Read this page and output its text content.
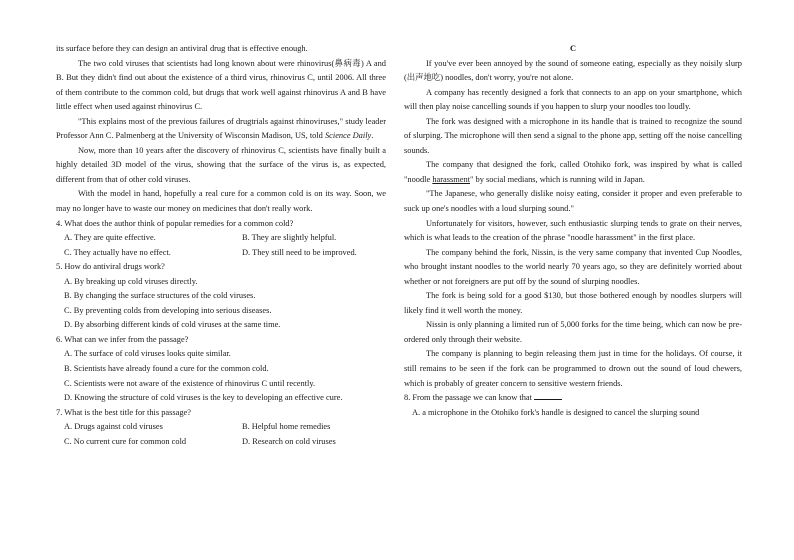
its surface before they can design an antiviral drug that is effective enough.

The two cold viruses that scientists had long known about were rhinovirus(鼻病毒) A and B. But they didn't find out about the existence of a third virus, rhinovirus C, until 2006. All three of them contribute to the common cold, but drugs that work well against rhinovirus A and B have little effect when used against rhinovirus C.

"This explains most of the previous failures of drugtrials against rhinoviruses," study leader Professor Ann C. Palmenberg at the University of Wisconsin Madison, US, told Science Daily.

Now, more than 10 years after the discovery of rhinovirus C, scientists have finally built a highly detailed 3D model of the virus, showing that the surface of the virus is, as expected, different from that of other cold viruses.

With the model in hand, hopefully a real cure for a common cold is on its way. Soon, we may no longer have to waste our money on medicines that don't really work.

4. What does the author think of popular remedies for a common cold?

A. They are quite effective.	B. They are slightly helpful.

C. They actually have no effect.	D. They still need to be improved.

5. How do antiviral drugs work?

A. By breaking up cold viruses directly.

B. By changing the surface structures of the cold viruses.

C. By preventing colds from developing into serious diseases.

D. By absorbing different kinds of cold viruses at the same time.

6. What can we infer from the passage?

A. The surface of cold viruses looks quite similar.

B. Scientists have already found a cure for the common cold.

C. Scientists were not aware of the existence of rhinovirus C until recently.

D. Knowing the structure of cold viruses is the key to developing an effective cure.

7. What is the best title for this passage?

A. Drugs against cold viruses	B. Helpful home remedies

C. No current cure for common cold	D. Research on cold viruses

C

If you've ever been annoyed by the sound of someone eating, especially as they noisily slurp (出声地吃) noodles, don't worry, you're not alone.

A company has recently designed a fork that connects to an app on your smartphone, which will then play noise cancelling sounds if you happen to slurp your noodles too loudly.

The fork was designed with a microphone in its handle that is trained to recognize the sound of slurping. The microphone will then send a signal to the phone app, setting off the noise cancelling sounds.

The company that designed the fork, called Otohiko fork, was inspired by what is called "noodle harassment" by social medians, which is running wild in Japan.

"The Japanese, who generally dislike noisy eating, consider it proper and even preferable to suck up one's noodles with a loud slurping sound."

Unfortunately for visitors, however, such enthusiastic slurping tends to grate on their nerves, which is what leads to the creation of the phrase "noodle harassment" in the first place.

The company behind the fork, Nissin, is the very same company that invented Cup Noodles, who brought instant noodles to the world nearly 70 years ago, so they are definitely worried about whether or not foreigners are put off by the sound of slurping noodles.

The fork is being sold for a good $130, but those bothered enough by noodles slurpers will likely find it well worth the money.

Nissin is only planning a limited run of 5,000 forks for the time being, which can now be pre-ordered only through their website.

The company is planning to begin releasing them just in time for the holidays. Of course, it still remains to be seen if the fork can be programmed to drown out the sound of loud chewers, which is probably of greater concern to sensitive western friends.

8. From the passage we can know that

A. a microphone in the Otohiko fork's handle is designed to cancel the slurping sound
